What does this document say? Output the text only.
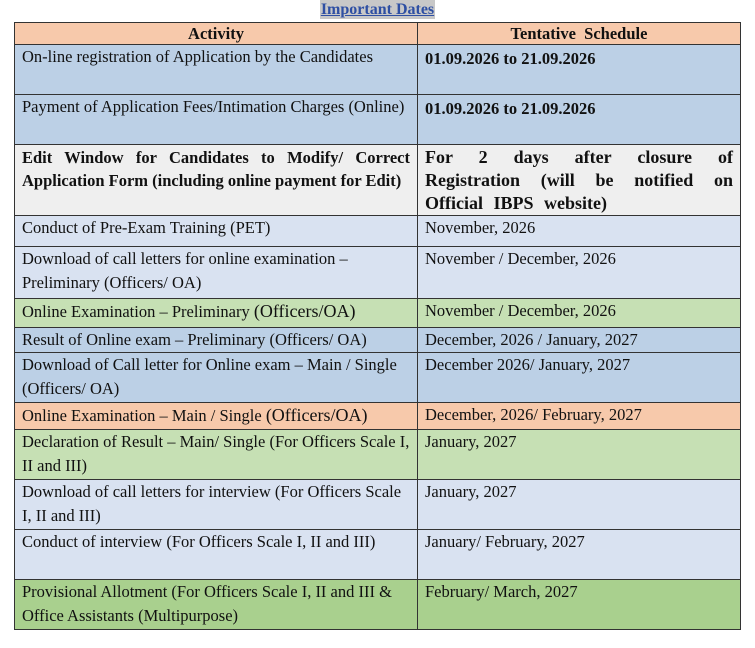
Important Dates
Activity	Tentative  Schedule
On-line registration of Application by the Candidates	01.09.2026 to 21.09.2026
Payment of Application Fees/Intimation Charges (Online)	01.09.2026 to 21.09.2026
Edit Window for Candidates to Modify/ Correct Application Form (including online payment for Edit)	For 2 days after closure of Registration (will be notified on Official IBPS website)
Conduct of Pre-Exam Training (PET)	November, 2026
Download of call letters for online examination – Preliminary (Officers/ OA)	November / December, 2026
Online Examination – Preliminary (Officers/OA)	November / December, 2026
Result of Online exam – Preliminary (Officers/ OA)	December, 2026 / January, 2027
Download of Call letter for Online exam – Main / Single (Officers/ OA)	December 2026/ January, 2027
Online Examination – Main / Single (Officers/OA)	December, 2026/ February, 2027
Declaration of Result – Main/ Single (For Officers Scale I, II and III)	January, 2027
Download of call letters for interview (For Officers Scale I, II and III)	January, 2027
Conduct of interview (For Officers Scale I, II and III)	January/ February, 2027
Provisional Allotment (For Officers Scale I, II and III & Office Assistants (Multipurpose)	February/ March, 2027
